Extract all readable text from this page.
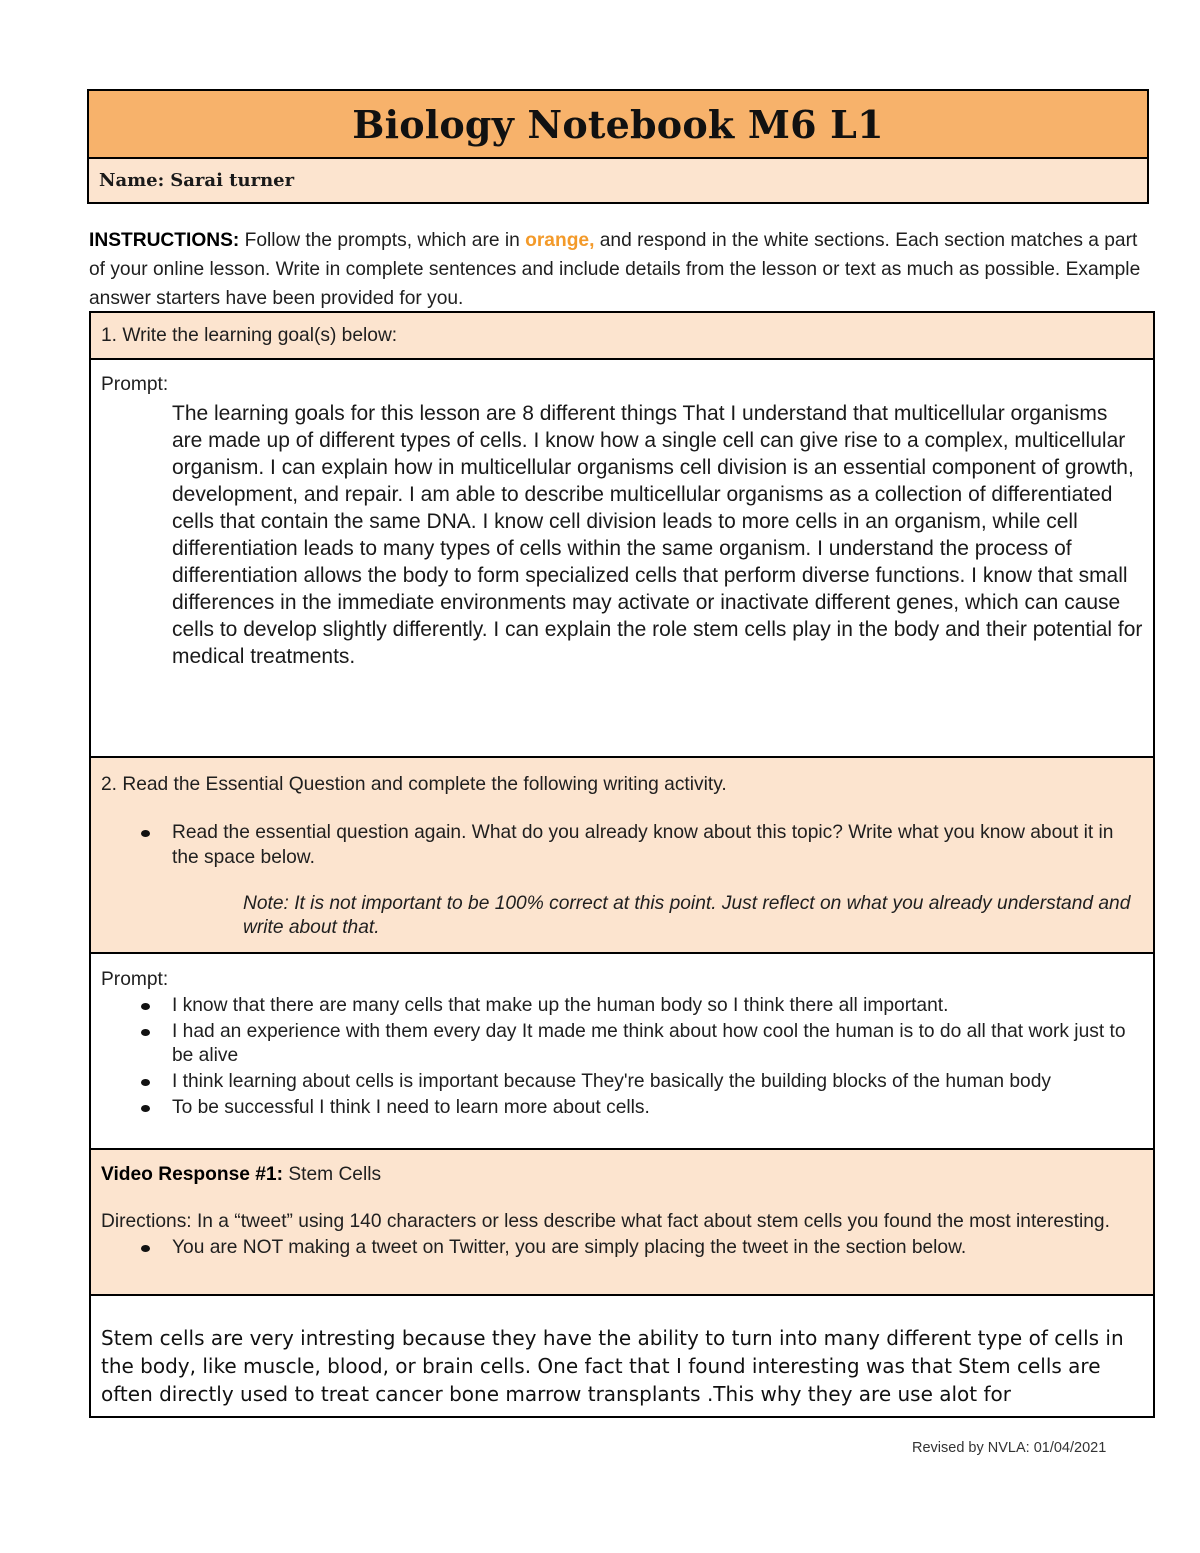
Biology Notebook M6 L1
Name: Sarai turner
INSTRUCTIONS: Follow the prompts, which are in orange, and respond in the white sections. Each section matches a part of your online lesson. Write in complete sentences and include details from the lesson or text as much as possible. Example answer starters have been provided for you.
1. Write the learning goal(s) below:
Prompt:
The learning goals for this lesson are 8 different things That I understand that multicellular organisms are made up of different types of cells. I know how a single cell can give rise to a complex, multicellular organism. I can explain how in multicellular organisms cell division is an essential component of growth, development, and repair. I am able to describe multicellular organisms as a collection of differentiated cells that contain the same DNA. I know cell division leads to more cells in an organism, while cell differentiation leads to many types of cells within the same organism. I understand the process of differentiation allows the body to form specialized cells that perform diverse functions. I know that small differences in the immediate environments may activate or inactivate different genes, which can cause cells to develop slightly differently. I can explain the role stem cells play in the body and their potential for medical treatments.
2. Read the Essential Question and complete the following writing activity.
Read the essential question again. What do you already know about this topic? Write what you know about it in the space below.
Note: It is not important to be 100% correct at this point. Just reflect on what you already understand and write about that.
Prompt:
I know that there are many cells that make up the human body so I think there all important.
I had an experience with them every day It made me think about how cool the human is to do all that work just to be alive
I think learning about cells is important because They're basically the building blocks of the human body
To be successful I think I need to learn more about cells.
Video Response #1: Stem Cells
Directions: In a “tweet” using 140 characters or less describe what fact about stem cells you found the most interesting.
You are NOT making a tweet on Twitter, you are simply placing the tweet in the section below.
Stem cells are very intresting because they have the ability to turn into many different type of cells in the body, like muscle, blood, or brain cells. One fact that I found interesting was that Stem cells are often directly used to treat cancer bone marrow transplants .This why they are use alot for
Revised by NVLA: 01/04/2021
